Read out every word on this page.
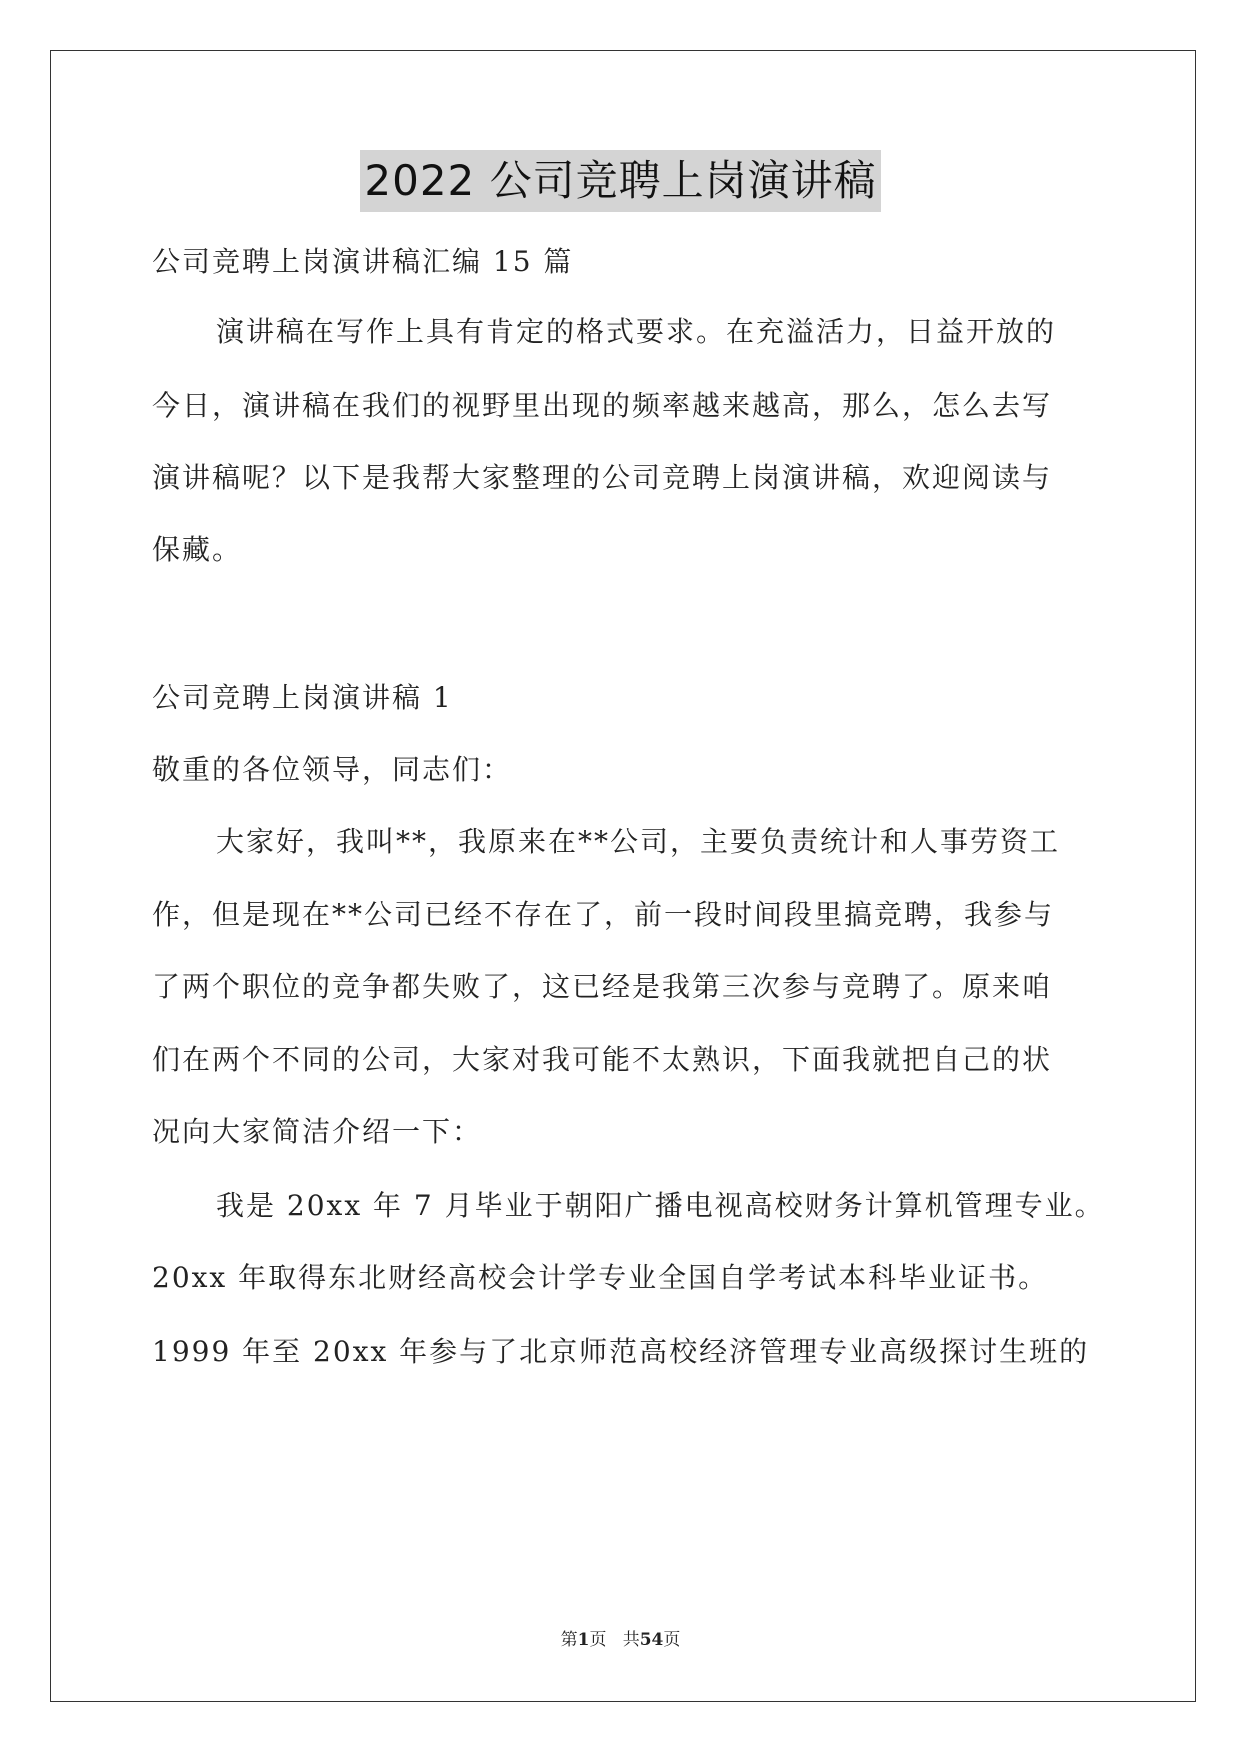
2022 公司竞聘上岗演讲稿
公司竞聘上岗演讲稿汇编 15 篇
演讲稿在写作上具有肯定的格式要求。在充溢活力，日益开放的
今日，演讲稿在我们的视野里出现的频率越来越高，那么，怎么去写
演讲稿呢？以下是我帮大家整理的公司竞聘上岗演讲稿，欢迎阅读与
保藏。
公司竞聘上岗演讲稿 1
敬重的各位领导，同志们：
大家好，我叫**，我原来在**公司，主要负责统计和人事劳资工
作，但是现在**公司已经不存在了，前一段时间段里搞竞聘，我参与
了两个职位的竞争都失败了，这已经是我第三次参与竞聘了。原来咱
们在两个不同的公司，大家对我可能不太熟识，下面我就把自己的状
况向大家简洁介绍一下：
我是 20xx 年 7 月毕业于朝阳广播电视高校财务计算机管理专业。
20xx 年取得东北财经高校会计学专业全国自学考试本科毕业证书。
1999 年至 20xx 年参与了北京师范高校经济管理专业高级探讨生班的
第1页 共54页
